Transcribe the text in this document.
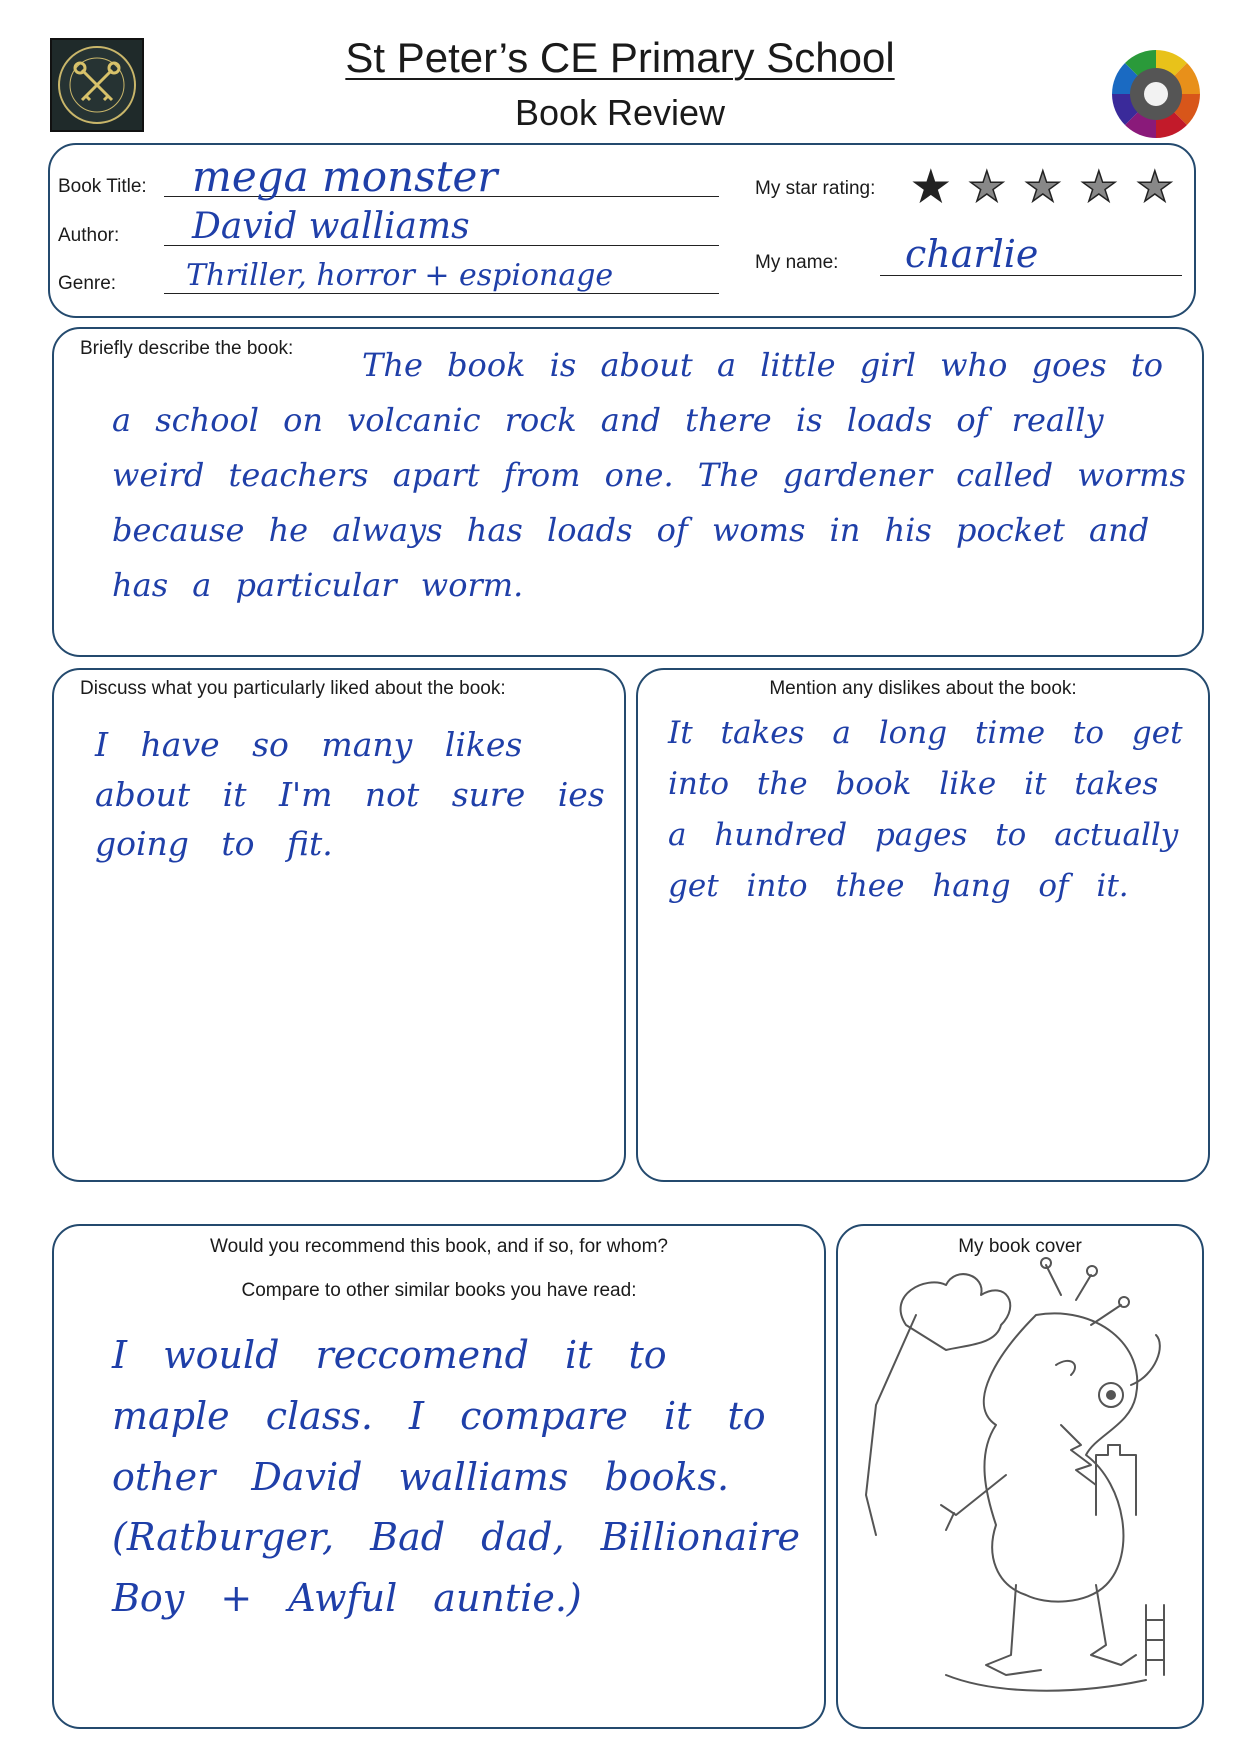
St Peter’s CE Primary School
Book Review
Book Title: mega monster
Author: David walliams
Genre: Thriller, horror + espionage
My star rating: ★ ★ ★ ★ ★
My name: charlie
Briefly describe the book:	The book is about a little girl who goes to a school on volcanic rock and there is loads of really weird teachers apart from one. The gardener called worms because he always has loads of woms in his pocket and has a particular worm.
Discuss what you particularly liked about the book:
I have so many likes about it I'm not sure ies going to fit.
Mention any dislikes about the book:
It takes a long time to get into the book like it takes a hundred pages to actually get into thee hang of it.
Would you recommend this book, and if so, for whom?
Compare to other similar books you have read:
I would reccomend it to maple class. I compare it to other David walliams books. (Ratburger, Bad dad, Billionaire Boy + Awful auntie.)
My book cover
